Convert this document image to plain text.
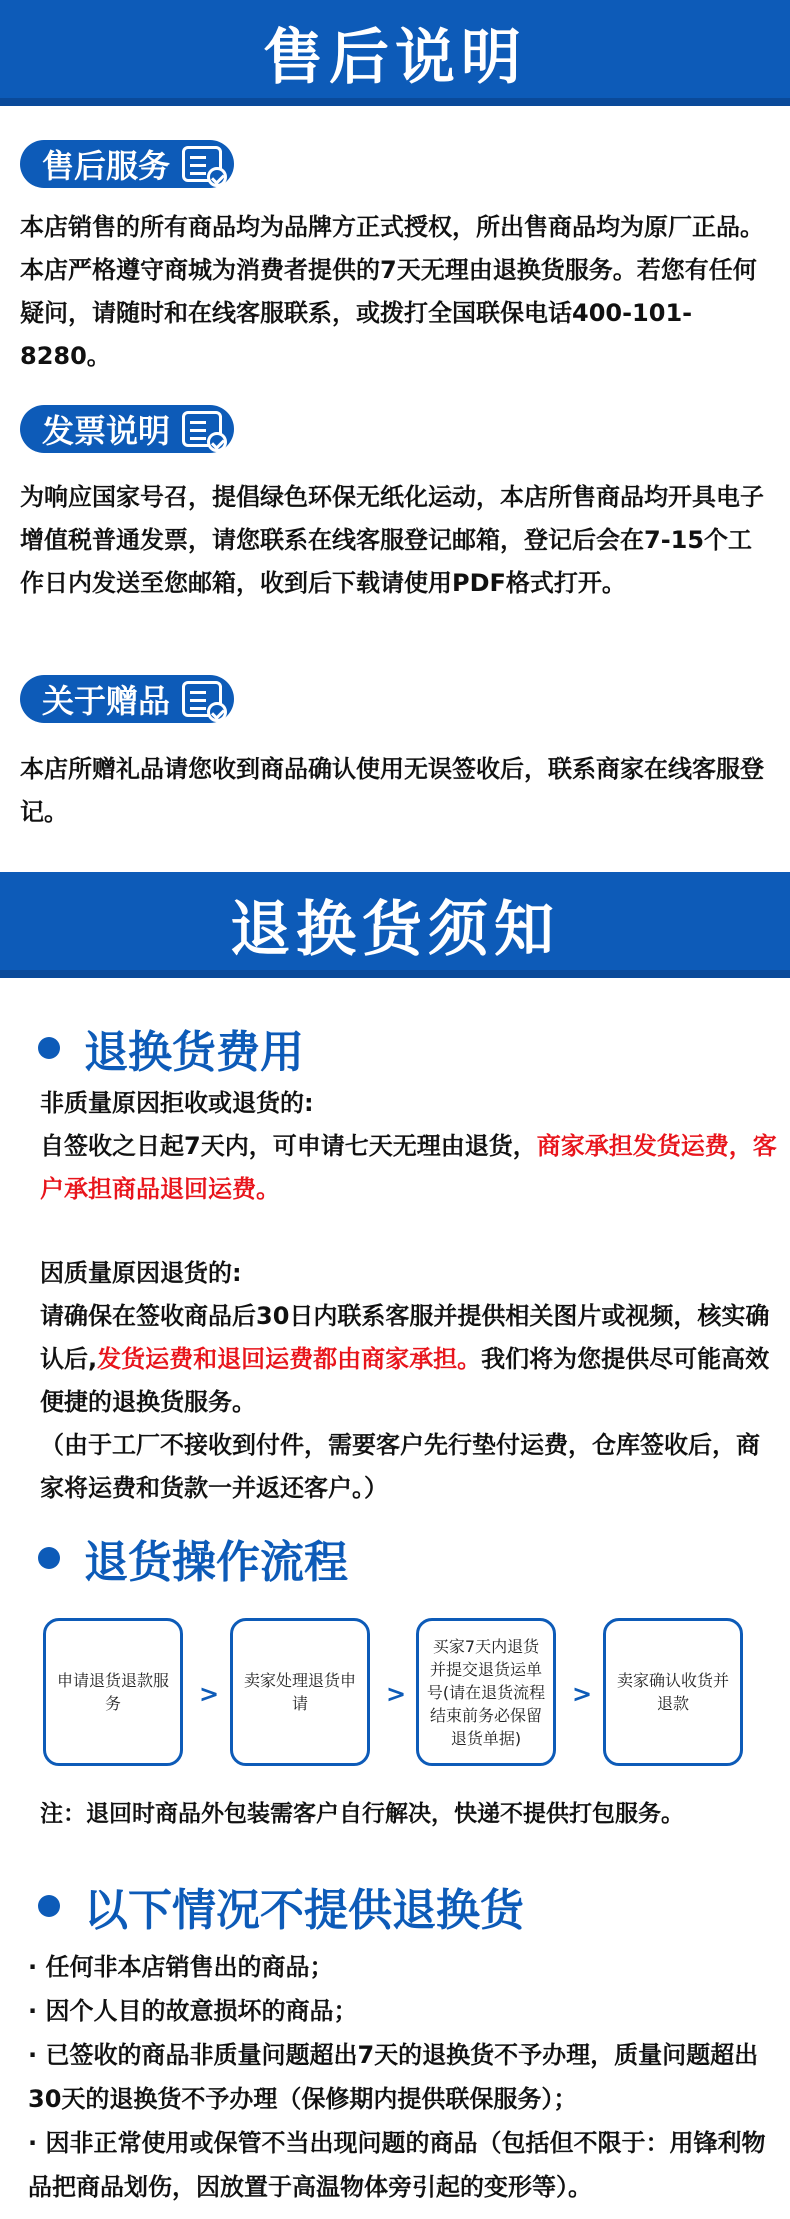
售后说明
售后服务
本店销售的所有商品均为品牌方正式授权，所出售商品均为原厂正品。本店严格遵守商城为消费者提供的7天无理由退换货服务。若您有任何疑问，请随时和在线客服联系，或拨打全国联保电话400-101-8280。
发票说明
为响应国家号召，提倡绿色环保无纸化运动，本店所售商品均开具电子增值税普通发票，请您联系在线客服登记邮箱，登记后会在7-15个工作日内发送至您邮箱，收到后下载请使用PDF格式打开。
关于赠品
本店所赠礼品请您收到商品确认使用无误签收后，联系商家在线客服登记。
退换货须知
退换货费用
非质量原因拒收或退货的:
自签收之日起7天内，可申请七天无理由退货，商家承担发货运费，客户承担商品退回运费。
因质量原因退货的:
请确保在签收商品后30日内联系客服并提供相关图片或视频，核实确认后,发货运费和退回运费都由商家承担。我们将为您提供尽可能高效便捷的退换货服务。
（由于工厂不接收到付件，需要客户先行垫付运费，仓库签收后，商家将运费和货款一并返还客户。）
退货操作流程
申请退货退款服务	>	卖家处理退货申请	>
买家7天内退货并提交退货运单号(请在退货流程结束前务必保留退货单据)
>	卖家确认收货并退款
注：退回时商品外包装需客户自行解决，快递不提供打包服务。
以下情况不提供退换货
· 任何非本店销售出的商品；
· 因个人目的故意损坏的商品；
· 已签收的商品非质量问题超出7天的退换货不予办理，质量问题超出30天的退换货不予办理（保修期内提供联保服务）；
· 因非正常使用或保管不当出现问题的商品（包括但不限于：用锋利物品把商品划伤，因放置于高温物体旁引起的变形等）。
